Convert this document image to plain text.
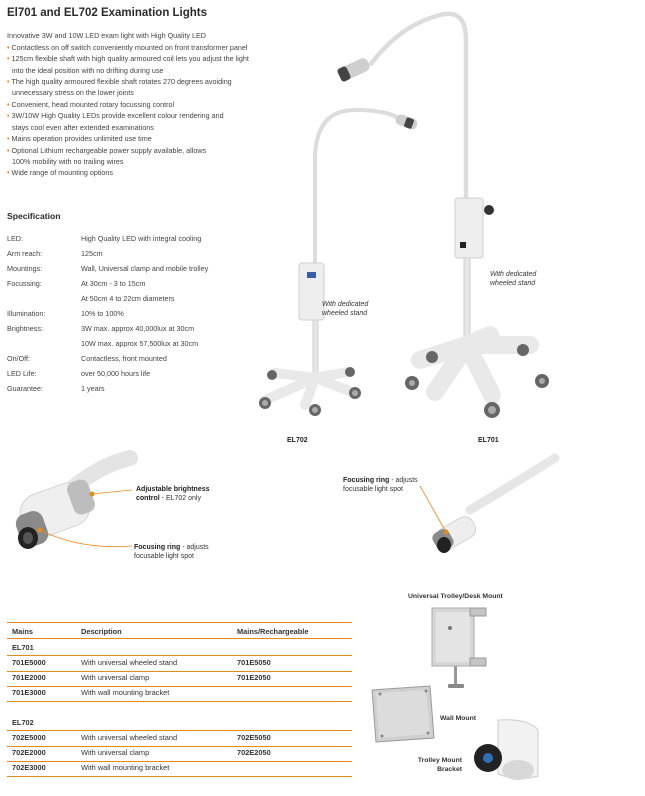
El701 and EL702 Examination Lights
Innovative 3W and 10W LED exam light with High Quality LED
• Contactless on off switch conveniently mounted on front transformer panel
• 125cm flexible shaft with high quality armoured coil lets you adjust the light
into the ideal position with no drifting during use
• The high quality armoured flexible shaft rotates 270 degrees avoiding
unnecessary stress on the lower joints
• Convenient, head mounted rotary focussing control
• 3W/10W High Quality LEDs provide excellent colour rendering and
stays cool even after extended examinations
• Mains operation provides unlimited use time
• Optional Lithium rechargeable power supply available, allows
100% mobility with no trailing wires
• Wide range of mounting options
Specification
LED:	High Quality LED with integral cooling
Arm reach:	125cm
Mountings:	Wall, Universal clamp and mobile trolley
Focussing:	At 30cm - 3 to 15cm
At 50cm 4 to 22cm diameters
Illumination:	10% to 100%
Brightness:	3W max. approx 40,000lux at 30cm
10W max. approx 57,500lux at 30cm
On/Off:	Contactless, front mounted
LED Life:	over 50,000 hours life
Guarantee:	1 years
With dedicated
wheeled stand
With dedicated
wheeled stand
EL702	EL701
Adjustable brightness
control - EL702 only
Focusing ring - adjusts
focusable light spot
Focusing ring - adjusts
focusable light spot
Mains	Description	Mains/Rechargeable
EL701
701E5000	With universal wheeled stand	701E5050
701E2000	With universal clamp	701E2050
701E3000	With wall mounting bracket
EL702
702E5000	With universal wheeled stand	702E5050
702E2000	With universal clamp	702E2050
702E3000	With wall mounting bracket
Universal Trolley/Desk Mount
Wall Mount
Trolley Mount
Bracket
